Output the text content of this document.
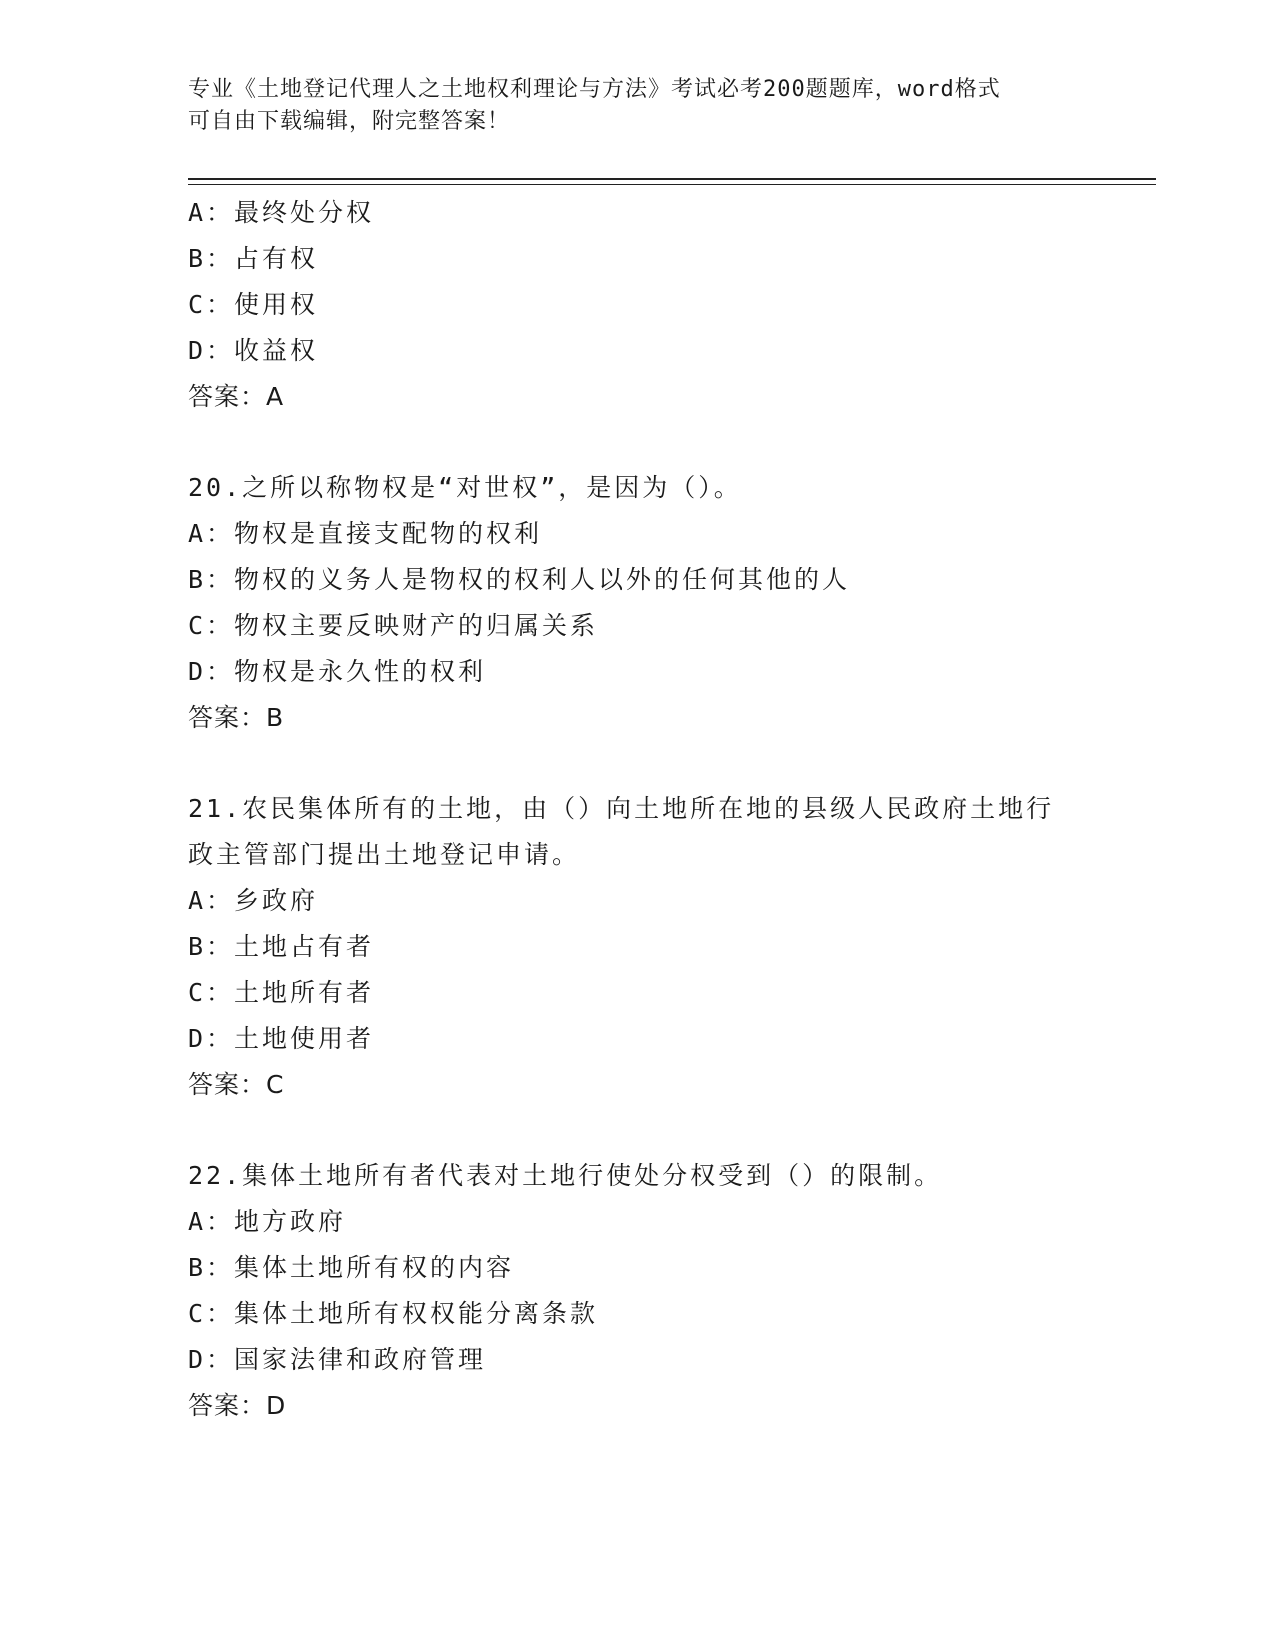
专业《土地登记代理人之土地权利理论与方法》考试必考200题题库，word格式
可自由下载编辑，附完整答案！
A：最终处分权
B：占有权
C：使用权
D：收益权
答案：A
20.之所以称物权是“对世权”，是因为（）。
A：物权是直接支配物的权利
B：物权的义务人是物权的权利人以外的任何其他的人
C：物权主要反映财产的归属关系
D：物权是永久性的权利
答案：B
21.农民集体所有的土地，由（）向土地所在地的县级人民政府土地行
政主管部门提出土地登记申请。
A：乡政府
B：土地占有者
C：土地所有者
D：土地使用者
答案：C
22.集体土地所有者代表对土地行使处分权受到（）的限制。
A：地方政府
B：集体土地所有权的内容
C：集体土地所有权权能分离条款
D：国家法律和政府管理
答案：D
